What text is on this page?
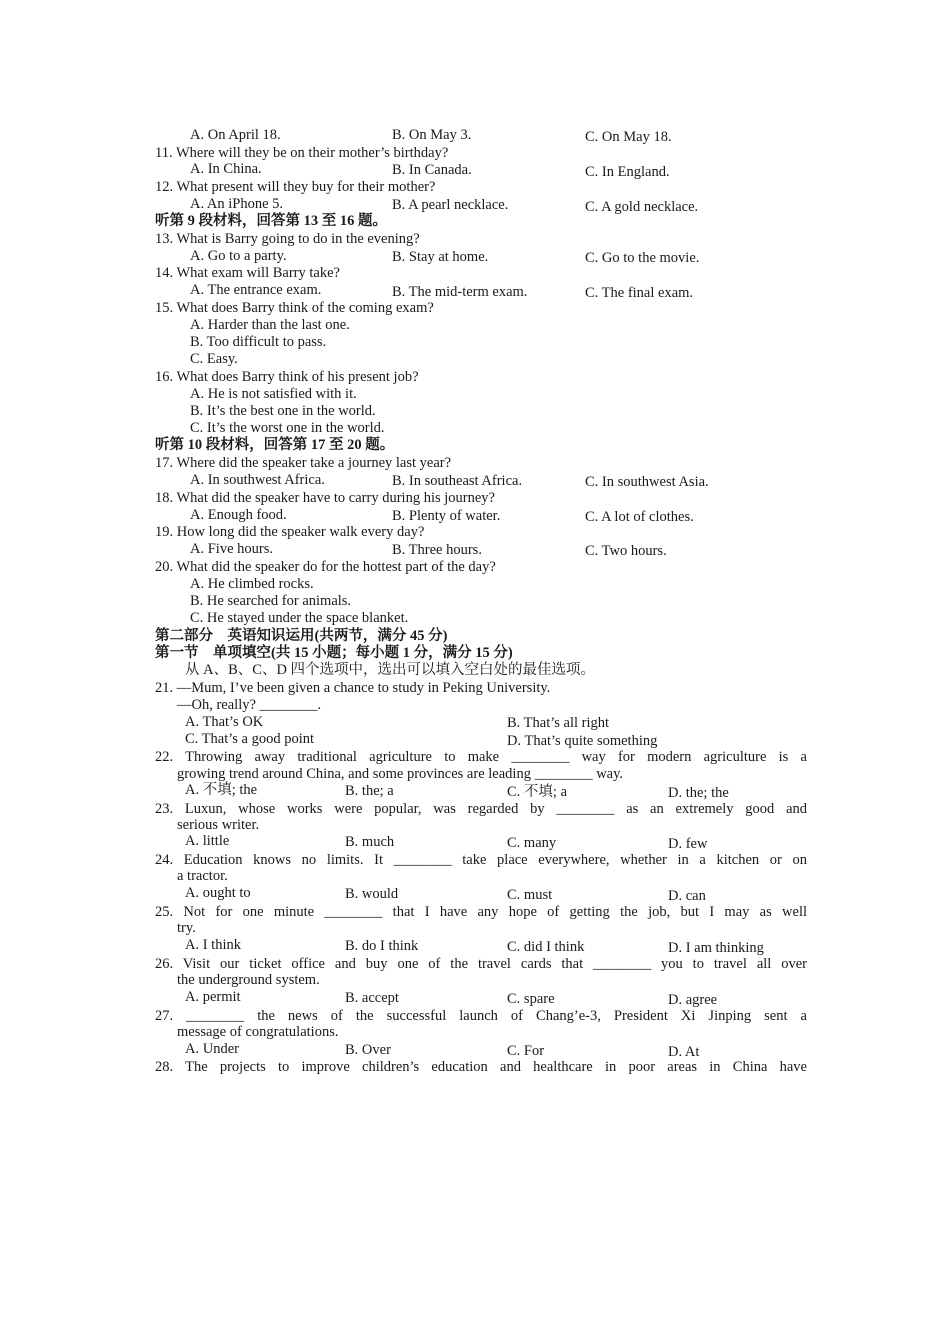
A. On April 18.	B. On May 3.	C. On May 18.
11. Where will they be on their mother’s birthday?
A. In China.	B. In Canada.	C. In England.
12. What present will they buy for their mother?
A. An iPhone 5.	B. A pearl necklace.	C. A gold necklace.
听第 9 段材料，回答第 13 至 16 题。
13. What is Barry going to do in the evening?
A. Go to a party.	B. Stay at home.	C. Go to the movie.
14. What exam will Barry take?
A. The entrance exam.	B. The mid-term exam.	C. The final exam.
15. What does Barry think of the coming exam?
A. Harder than the last one.
B. Too difficult to pass.
C. Easy.
16. What does Barry think of his present job?
A. He is not satisfied with it.
B. It’s the best one in the world.
C. It’s the worst one in the world.
听第 10 段材料，回答第 17 至 20 题。
17. Where did the speaker take a journey last year?
A. In southwest Africa.	B. In southeast Africa.	C. In southwest Asia.
18. What did the speaker have to carry during his journey?
A. Enough food.	B. Plenty of water.	C. A lot of clothes.
19. How long did the speaker walk every day?
A. Five hours.	B. Three hours.	C. Two hours.
20. What did the speaker do for the hottest part of the day?
A. He climbed rocks.
B. He searched for animals.
C. He stayed under the space blanket.
第二部分　英语知识运用(共两节，满分 45 分)
第一节　单项填空(共 15 小题；每小题 1 分，满分 15 分)
从 A、B、C、D 四个选项中，选出可以填入空白处的最佳选项。
21. —Mum, I’ve been given a chance to study in Peking University.
—Oh, really? ________.
A. That’s OK	B. That’s all right
C. That’s a good point	D. That’s quite something
22. Throwing away traditional agriculture to make ________ way for modern agriculture is a
growing trend around China, and some provinces are leading ________ way.
A. 不填; the	B. the; a	C. 不填; a	D. the; the
23. Luxun, whose works were popular, was regarded by ________ as an extremely good and
serious writer.
A. little	B. much	C. many	D. few
24. Education knows no limits. It ________ take place everywhere, whether in a kitchen or on
a tractor.
A. ought to	B. would	C. must	D. can
25. Not for one minute ________ that I have any hope of getting the job, but I may as well
try.
A. I think	B. do I think	C. did I think	D. I am thinking
26. Visit our ticket office and buy one of the travel cards that ________ you to travel all over
the underground system.
A. permit	B. accept	C. spare	D. agree
27. ________ the news of the successful launch of Chang’e-3, President Xi Jinping sent a
message of congratulations.
A. Under	B. Over	C. For	D. At
28. The projects to improve children’s education and healthcare in poor areas in China have
